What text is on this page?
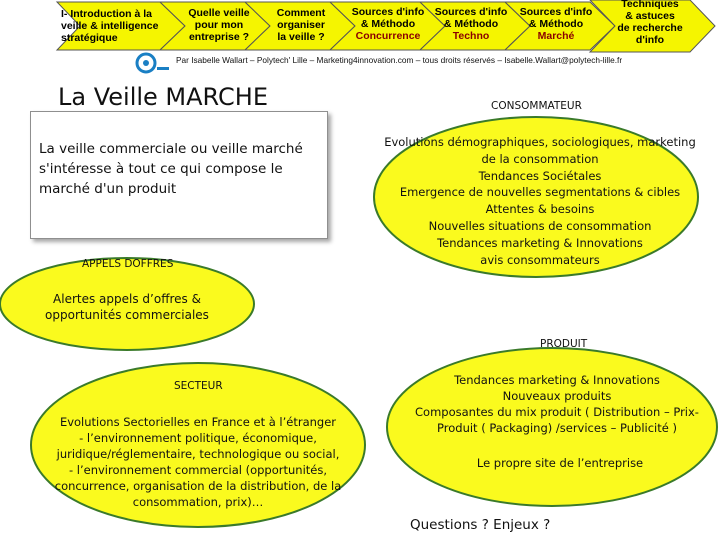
I- Introduction à la
veille & intelligence
stratégique
Quelle veille
pour mon
entreprise ?
Comment
organiser
la veille ?
Sources d'info
& Méthodo
Concurrence
Sources d'info
& Méthodo
Techno
Sources d'info
& Méthodo
Marché
Techniques
& astuces
de recherche
d'info
Par Isabelle Wallart – Polytech' Lille – Marketing4innovation.com – tous droits réservés – Isabelle.Wallart@polytech-lille.fr
La Veille MARCHE
La veille commerciale ou veille marché s'intéresse à tout ce qui compose le marché d'un produit
CONSOMMATEUR
Evolutions démographiques, sociologiques, marketing
de la consommation
Tendances Sociétales
Emergence de nouvelles segmentations & cibles
Attentes & besoins
Nouvelles situations de consommation
Tendances marketing & Innovations
avis consommateurs
APPELS DOFFRES
Alertes appels d’offres &
opportunités commerciales
PRODUIT
Tendances marketing & Innovations
Nouveaux produits
Composantes du mix produit ( Distribution – Prix-
Produit ( Packaging) /services – Publicité )
Le propre site de l’entreprise
SECTEUR
Evolutions Sectorielles en France et à l’étranger
- l’environnement politique, économique,
juridique/réglementaire, technologique ou social,
- l’environnement commercial (opportunités,
concurrence, organisation de la distribution, de la
consommation, prix)…
Questions ? Enjeux ?
